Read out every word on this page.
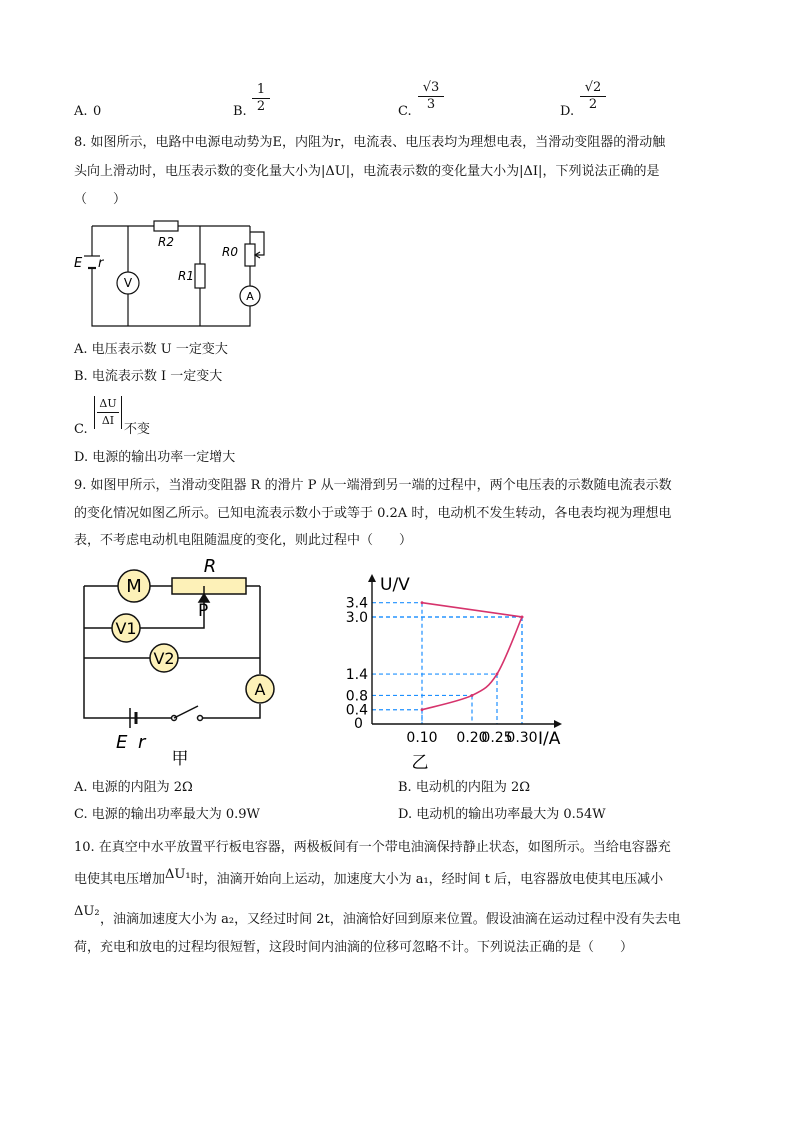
A. 0	B. $\frac{1}{2}$	C. $\frac{√3}{3}$	D. $\frac{√2}{2}$
8. 如图所示，电路中电源电动势为E，内阻为r，电流表、电压表均为理想电表，当滑动变阻器的滑动触
头向上滑动时，电压表示数的变化量大小为|ΔU|，电流表示数的变化量大小为|ΔI|，下列说法正确的是
（　　）
E r
R2
R1
R0
V
A
A. 电压表示数 U 一定变大
B. 电流表示数 I 一定变大
C.
ΔU
ΔI
不变
D. 电源的输出功率一定增大
9. 如图甲所示，当滑动变阻器 R 的滑片 P 从一端滑到另一端的过程中，两个电压表的示数随电流表示数
的变化情况如图乙所示。已知电流表示数小于或等于 0.2A 时，电动机不发生转动，各电表均视为理想电
表，不考虑电动机电阻随温度的变化，则此过程中（　　）
M
R
P
V1
V2
A
E r
甲
0.10 0.20
0.25
0.30
0.4
0.8
1.4
3.0
3.4
U/V
I/A
0
乙
A. 电源的内阻为 2Ω	B. 电动机的内阻为 2Ω
C. 电源的输出功率最大为 0.9W	D. 电动机的输出功率最大为 0.54W
10. 在真空中水平放置平行板电容器，两极板间有一个带电油滴保持静止状态，如图所示。当给电容器充
电使其电压增加ΔU₁时，油滴开始向上运动，加速度大小为 a₁，经时间 t 后，电容器放电使其电压减小
ΔU₂
，油滴加速度大小为 a₂，又经过时间 2t，油滴恰好回到原来位置。假设油滴在运动过程中没有失去电
荷，充电和放电的过程均很短暂，这段时间内油滴的位移可忽略不计。下列说法正确的是（　　）
